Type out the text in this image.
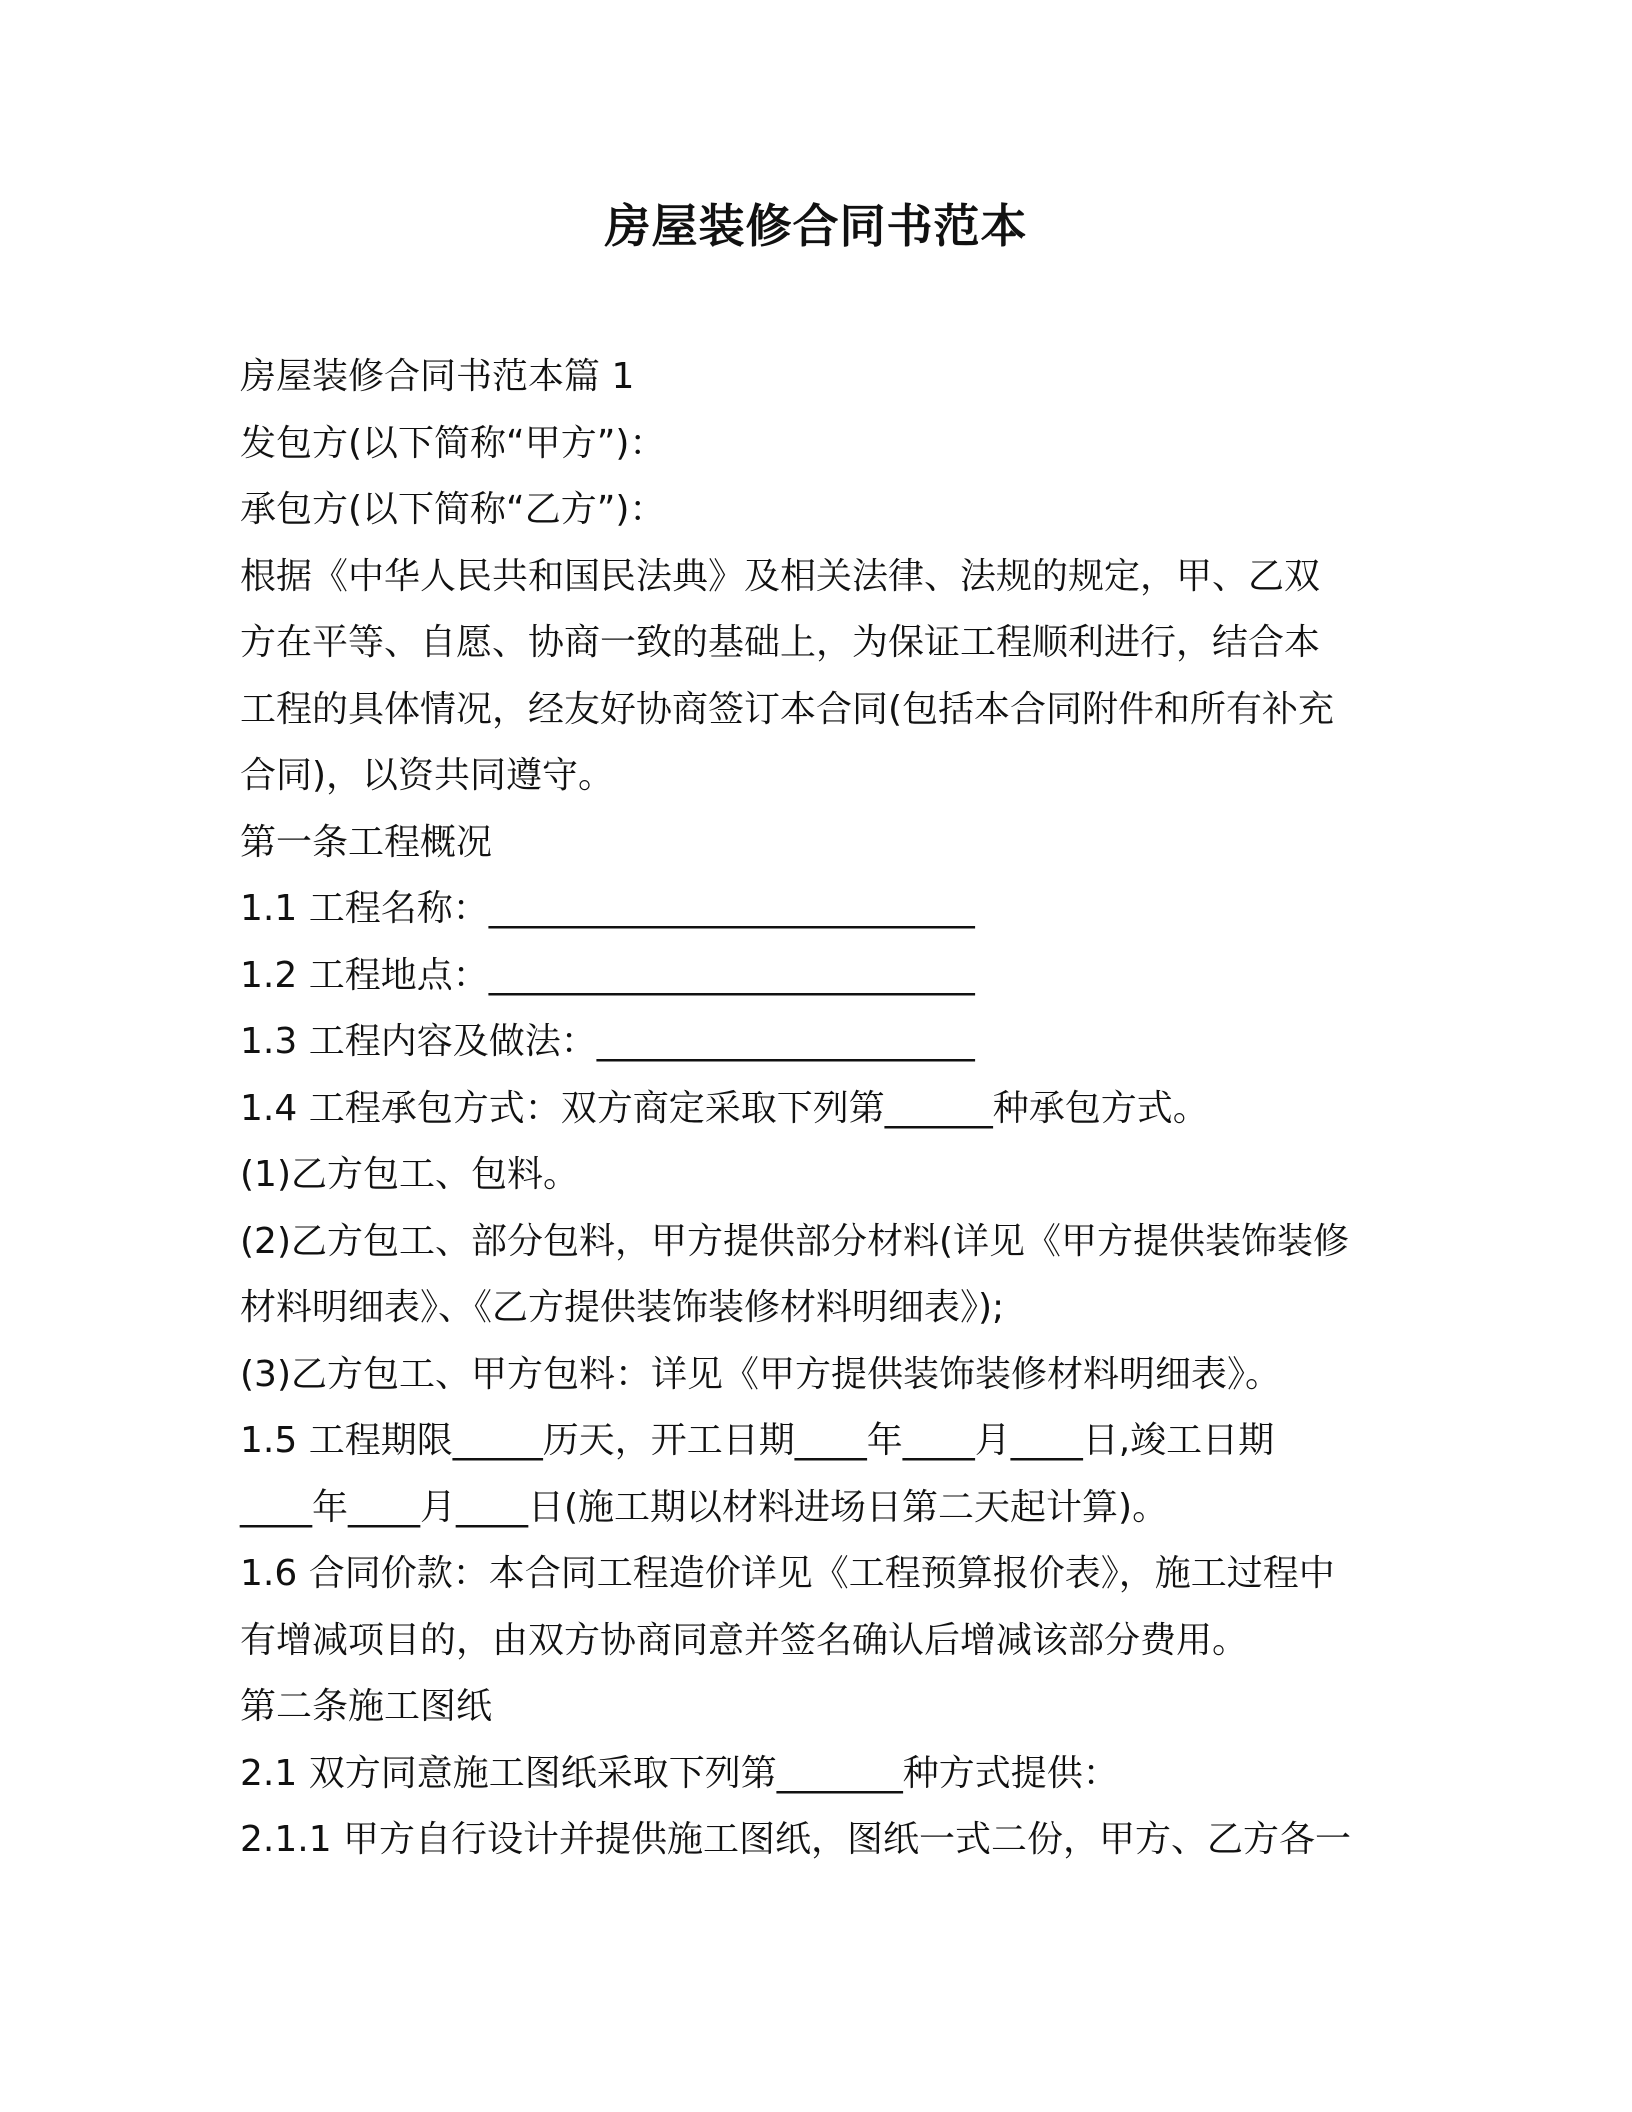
房屋装修合同书范本

房屋装修合同书范本篇 1

发包方(以下简称“甲方”)：

承包方(以下简称“乙方”)：

根据《中华人民共和国民法典》及相关法律、法规的规定，甲、乙双

方在平等、自愿、协商一致的基础上，为保证工程顺利进行，结合本

工程的具体情况，经友好协商签订本合同(包括本合同附件和所有补充

合同)，以资共同遵守。

第一条工程概况

1.1 工程名称：___________________________

1.2 工程地点：___________________________

1.3 工程内容及做法：_____________________

1.4 工程承包方式：双方商定采取下列第______种承包方式。

(1)乙方包工、包料。

(2)乙方包工、部分包料，甲方提供部分材料(详见《甲方提供装饰装修

材料明细表》、《乙方提供装饰装修材料明细表》);

(3)乙方包工、甲方包料：详见《甲方提供装饰装修材料明细表》。

1.5 工程期限_____历天，开工日期____年____月____日,竣工日期

____年____月____日(施工期以材料进场日第二天起计算)。

1.6 合同价款：本合同工程造价详见《工程预算报价表》，施工过程中

有增减项目的，由双方协商同意并签名确认后增减该部分费用。

第二条施工图纸

2.1 双方同意施工图纸采取下列第_______种方式提供：

2.1.1 甲方自行设计并提供施工图纸，图纸一式二份，甲方、乙方各一
